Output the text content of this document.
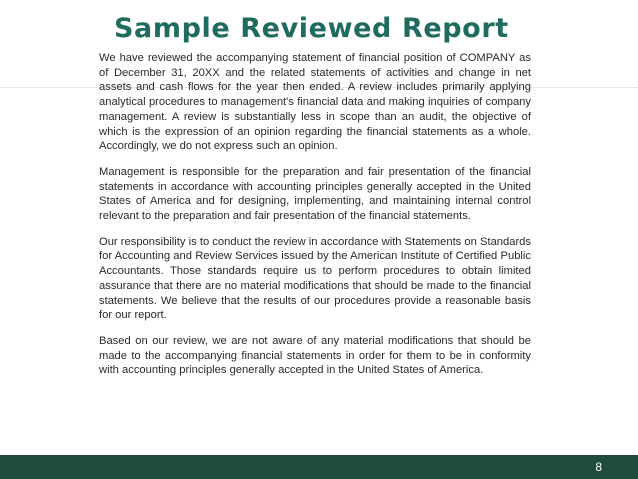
Sample Reviewed Report

We have reviewed the accompanying statement of financial position of COMPANY as of December 31, 20XX and the related statements of activities and change in net assets and cash flows for the year then ended. A review includes primarily applying analytical procedures to management's financial data and making inquiries of company management. A review is substantially less in scope than an audit, the objective of which is the expression of an opinion regarding the financial statements as a whole. Accordingly, we do not express such an opinion.

Management is responsible for the preparation and fair presentation of the financial statements in accordance with accounting principles generally accepted in the United States of America and for designing, implementing, and maintaining internal control relevant to the preparation and fair presentation of the financial statements.

Our responsibility is to conduct the review in accordance with Statements on Standards for Accounting and Review Services issued by the American Institute of Certified Public Accountants. Those standards require us to perform procedures to obtain limited assurance that there are no material modifications that should be made to the financial statements. We believe that the results of our procedures provide a reasonable basis for our report.

Based on our review, we are not aware of any material modifications that should be made to the accompanying financial statements in order for them to be in conformity with accounting principles generally accepted in the United States of America.

8
